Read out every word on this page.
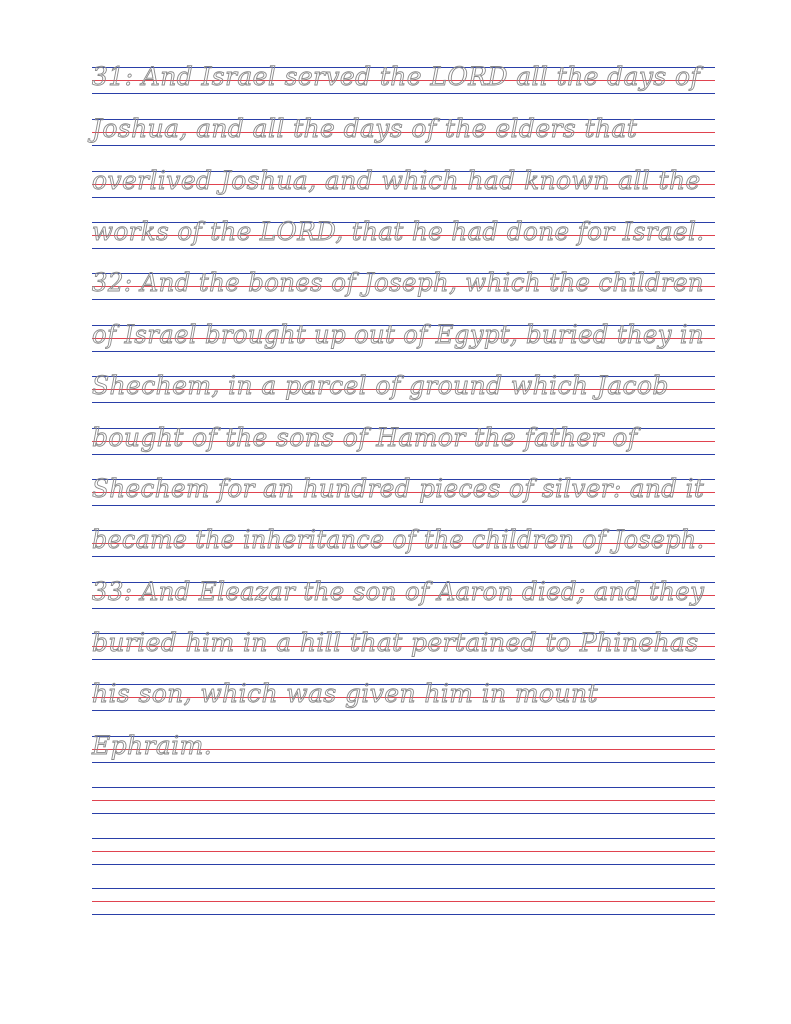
31: And Israel served the LORD all the days of
Joshua, and all the days of the elders that
overlived Joshua, and which had known all the
works of the LORD, that he had done for Israel.
32: And the bones of Joseph, which the children
of Israel brought up out of Egypt, buried they in
Shechem, in a parcel of ground which Jacob
bought of the sons of Hamor the father of
Shechem for an hundred pieces of silver: and it
became the inheritance of the children of Joseph.
33: And Eleazar the son of Aaron died; and they
buried him in a hill that pertained to Phinehas
his son, which was given him in mount
Ephraim.
